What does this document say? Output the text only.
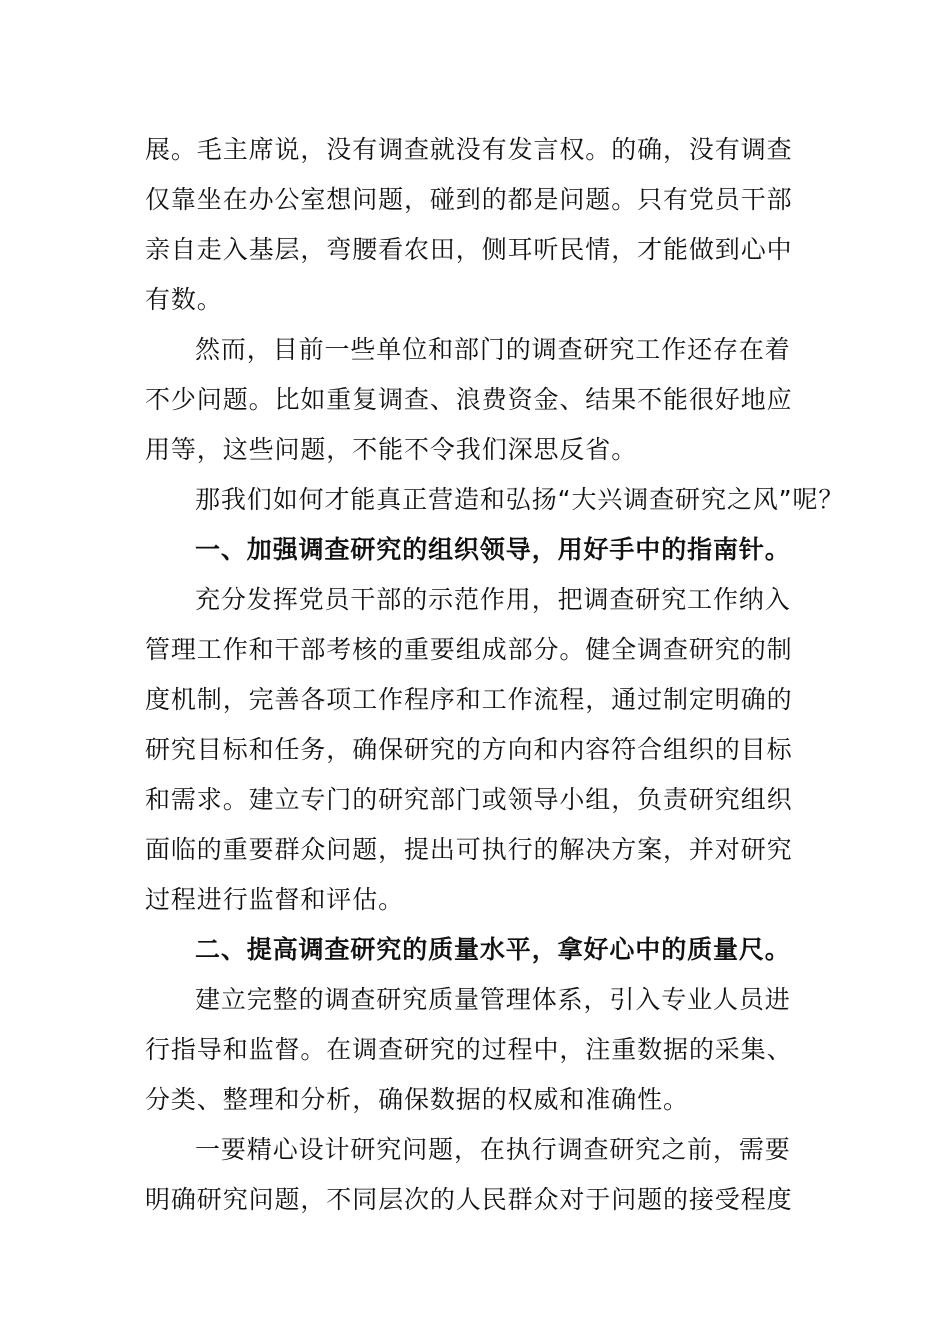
展。毛主席说，没有调查就没有发言权。的确，没有调查
仅靠坐在办公室想问题，碰到的都是问题。只有党员干部
亲自走入基层，弯腰看农田，侧耳听民情，才能做到心中
有数。
然而，目前一些单位和部门的调查研究工作还存在着
不少问题。比如重复调查、浪费资金、结果不能很好地应
用等，这些问题，不能不令我们深思反省。
那我们如何才能真正营造和弘扬“大兴调查研究之风”呢？
一、加强调查研究的组织领导，用好手中的指南针。
充分发挥党员干部的示范作用，把调查研究工作纳入
管理工作和干部考核的重要组成部分。健全调查研究的制
度机制，完善各项工作程序和工作流程，通过制定明确的
研究目标和任务，确保研究的方向和内容符合组织的目标
和需求。建立专门的研究部门或领导小组，负责研究组织
面临的重要群众问题，提出可执行的解决方案，并对研究
过程进行监督和评估。
二、提高调查研究的质量水平，拿好心中的质量尺。
建立完整的调查研究质量管理体系，引入专业人员进
行指导和监督。在调查研究的过程中，注重数据的采集、
分类、整理和分析，确保数据的权威和准确性。
一要精心设计研究问题，在执行调查研究之前，需要
明确研究问题，不同层次的人民群众对于问题的接受程度
